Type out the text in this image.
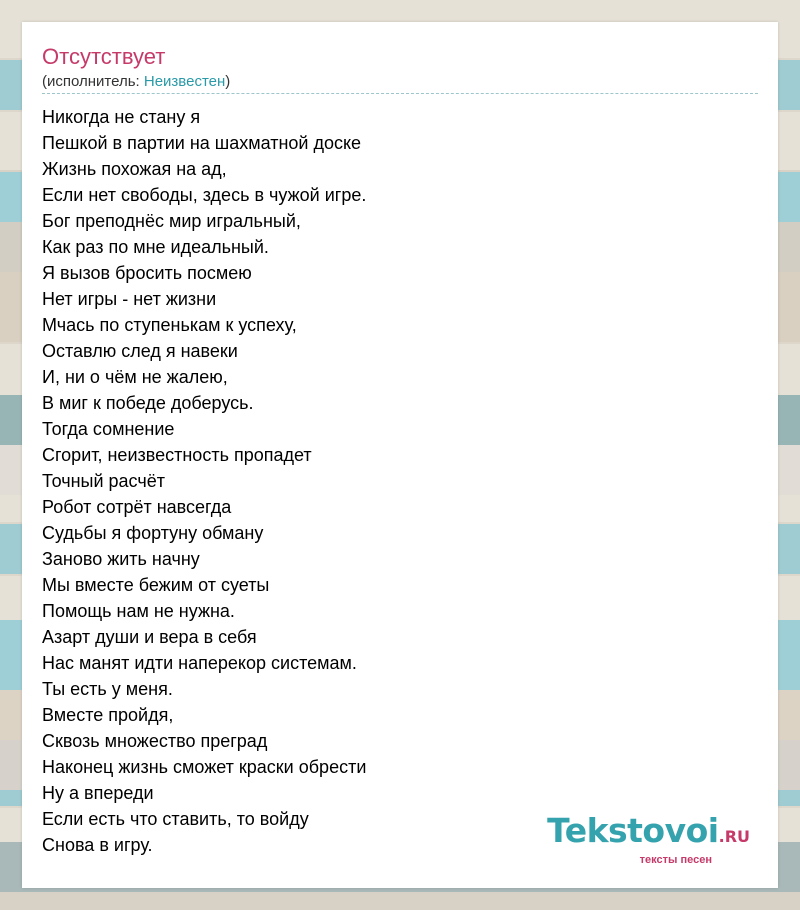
Отсутствует
(исполнитель: Неизвестен)
Никогда не стану я
Пешкой в партии на шахматной доске
Жизнь похожая на ад,
Если нет свободы, здесь в чужой игре.
Бог преподнёс мир игральный,
Как раз по мне идеальный.
Я вызов бросить посмею
Нет игры - нет жизни
Мчась по ступенькам к успеху,
Оставлю след я навеки
И, ни о чём не жалею,
В миг к победе доберусь.
Тогда сомнение
Сгорит, неизвестность пропадет
Точный расчёт
Робот сотрёт навсегда
Судьбы я фортуну обману
Заново жить начну
Мы вместе бежим от суеты
Помощь нам не нужна.
Азарт души и вера в себя
Нас манят идти наперекор системам.
Ты есть у меня.
Вместе пройдя,
Сквозь множество преград
Наконец жизнь сможет краски обрести
Ну а впереди
Если есть что ставить, то войду
Снова в игру.	Tekstovoi.RU
тексты песен
